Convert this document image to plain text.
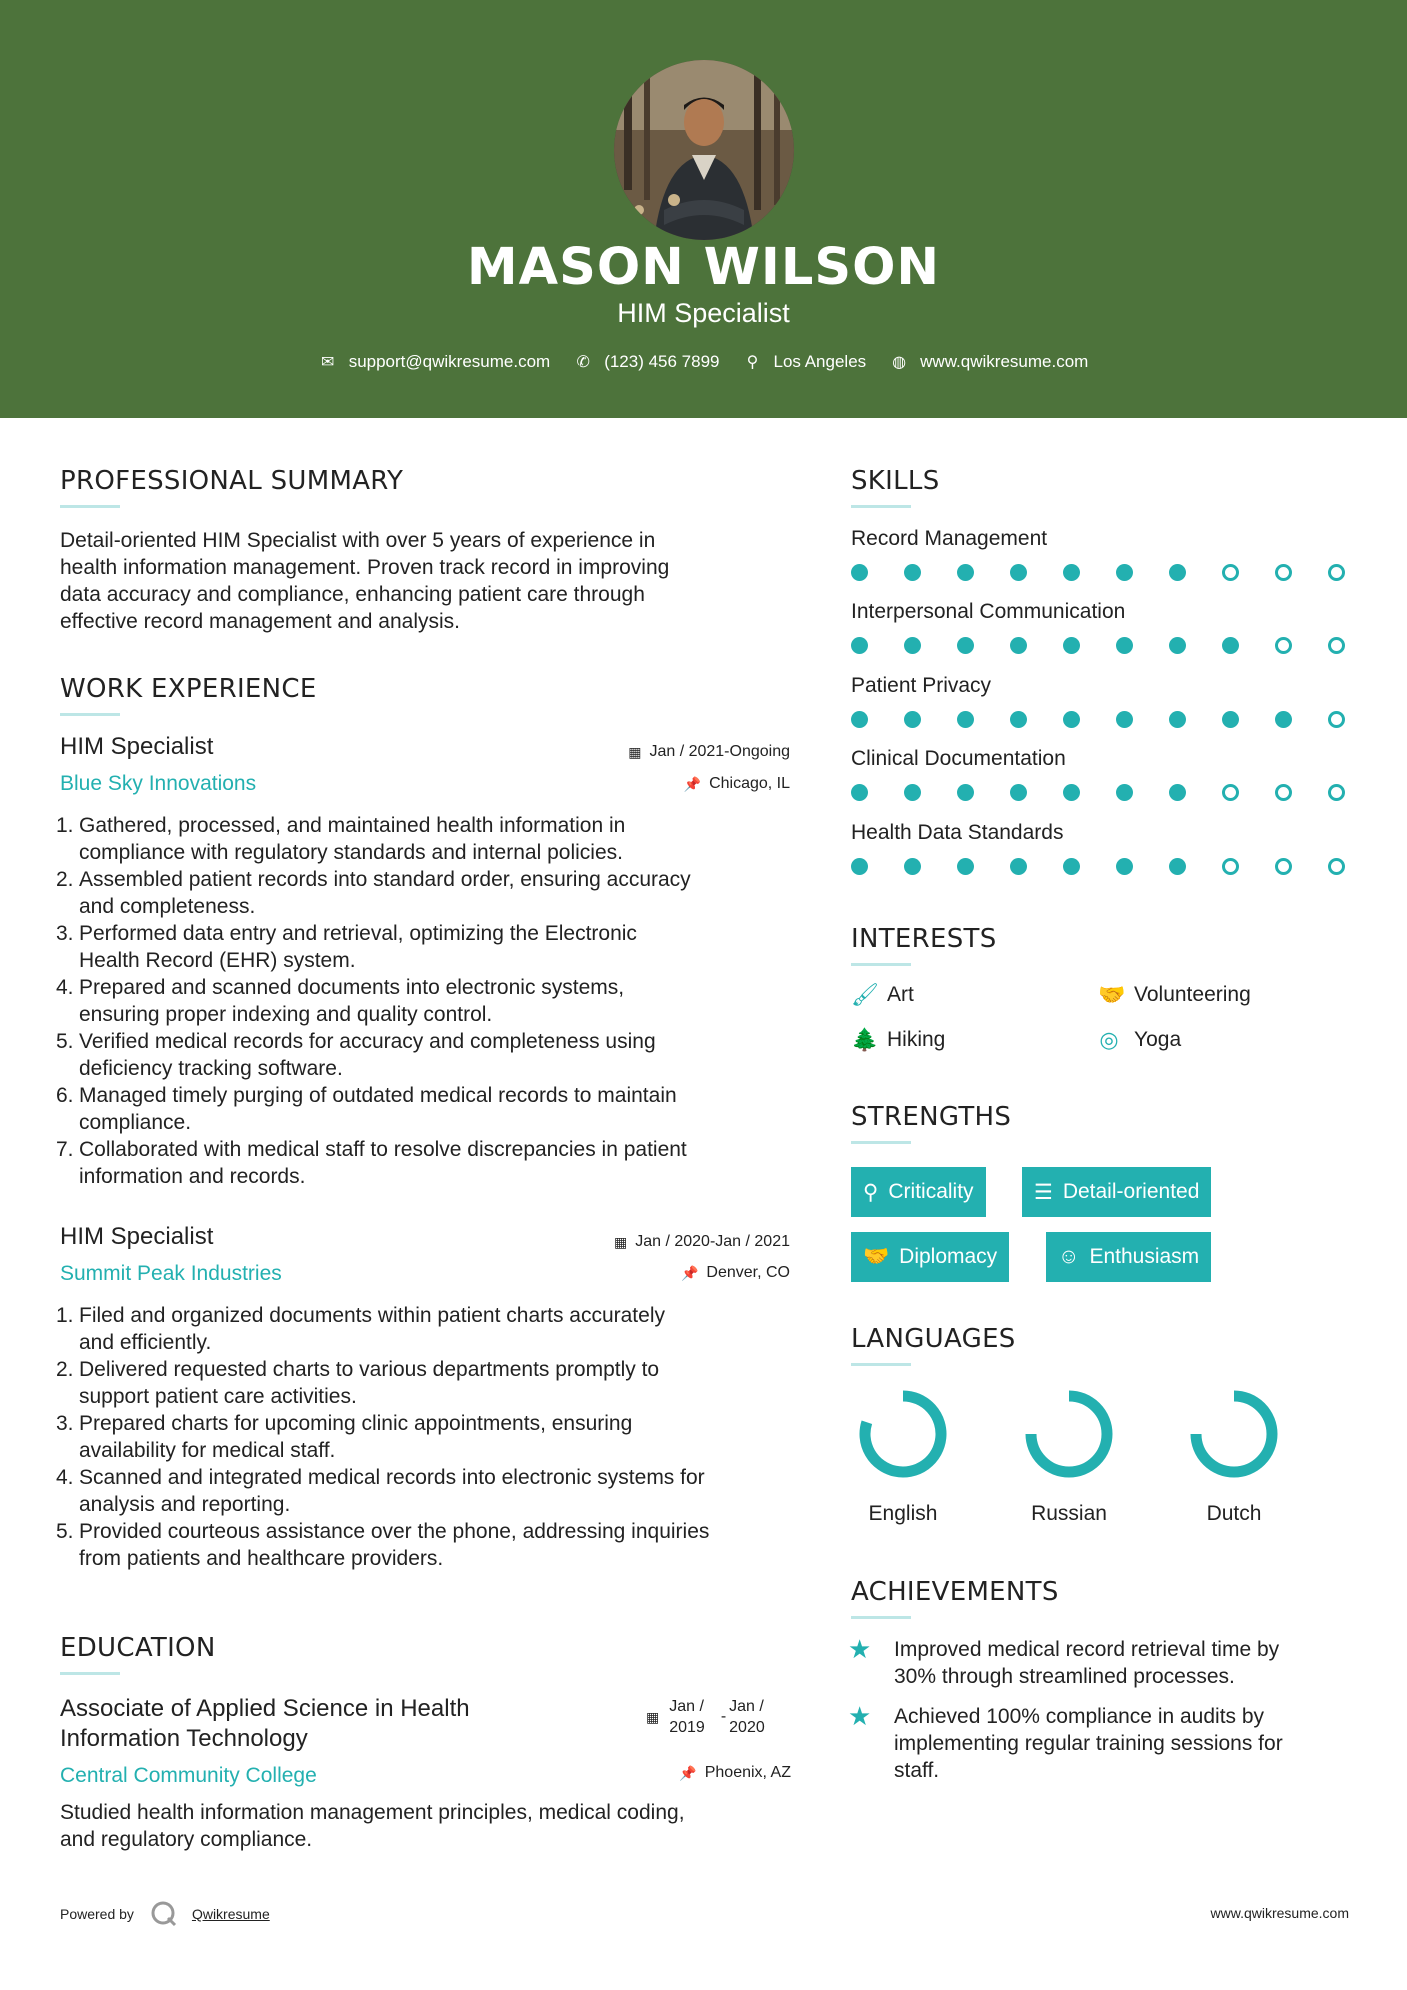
MASON WILSON
HIM Specialist
✉ support@qwikresume.com ✆ (123) 456 7899 ⚲ Los Angeles ◍ www.qwikresume.com
PROFESSIONAL SUMMARY
Detail-oriented HIM Specialist with over 5 years of experience in
health information management. Proven track record in improving
data accuracy and compliance, enhancing patient care through
effective record management and analysis.
WORK EXPERIENCE
HIM Specialist
Blue Sky Innovations
▦ Jan / 2021-Ongoing
📌 Chicago, IL
1. Gathered, processed, and maintained health information in
compliance with regulatory standards and internal policies.
2. Assembled patient records into standard order, ensuring accuracy
and completeness.
3. Performed data entry and retrieval, optimizing the Electronic
Health Record (EHR) system.
4. Prepared and scanned documents into electronic systems,
ensuring proper indexing and quality control.
5. Verified medical records for accuracy and completeness using
deficiency tracking software.
6. Managed timely purging of outdated medical records to maintain
compliance.
7. Collaborated with medical staff to resolve discrepancies in patient
information and records.
HIM Specialist
Summit Peak Industries
▦ Jan / 2020-Jan / 2021
📌 Denver, CO
1. Filed and organized documents within patient charts accurately
and efficiently.
2. Delivered requested charts to various departments promptly to
support patient care activities.
3. Prepared charts for upcoming clinic appointments, ensuring
availability for medical staff.
4. Scanned and integrated medical records into electronic systems for
analysis and reporting.
5. Provided courteous assistance over the phone, addressing inquiries
from patients and healthcare providers.
EDUCATION
Associate of Applied Science in Health
Information Technology
Central Community College
▦
Jan /
2019
-
Jan /
2020
📌 Phoenix, AZ
Studied health information management principles, medical coding,
and regulatory compliance.
SKILLS
Record Management
Interpersonal Communication
Patient Privacy
Clinical Documentation
Health Data Standards
INTERESTS
🖌 Art	🤝 Volunteering
🌲 Hiking	◎ Yoga
STRENGTHS
⚲ Criticality	☰ Detail-oriented
🤝 Diplomacy	☺ Enthusiasm
LANGUAGES
English	Russian	Dutch
ACHIEVEMENTS
★	Improved medical record retrieval time by
30% through streamlined processes.
★	Achieved 100% compliance in audits by
implementing regular training sessions for
staff.
Powered by	Qwikresume	www.qwikresume.com
